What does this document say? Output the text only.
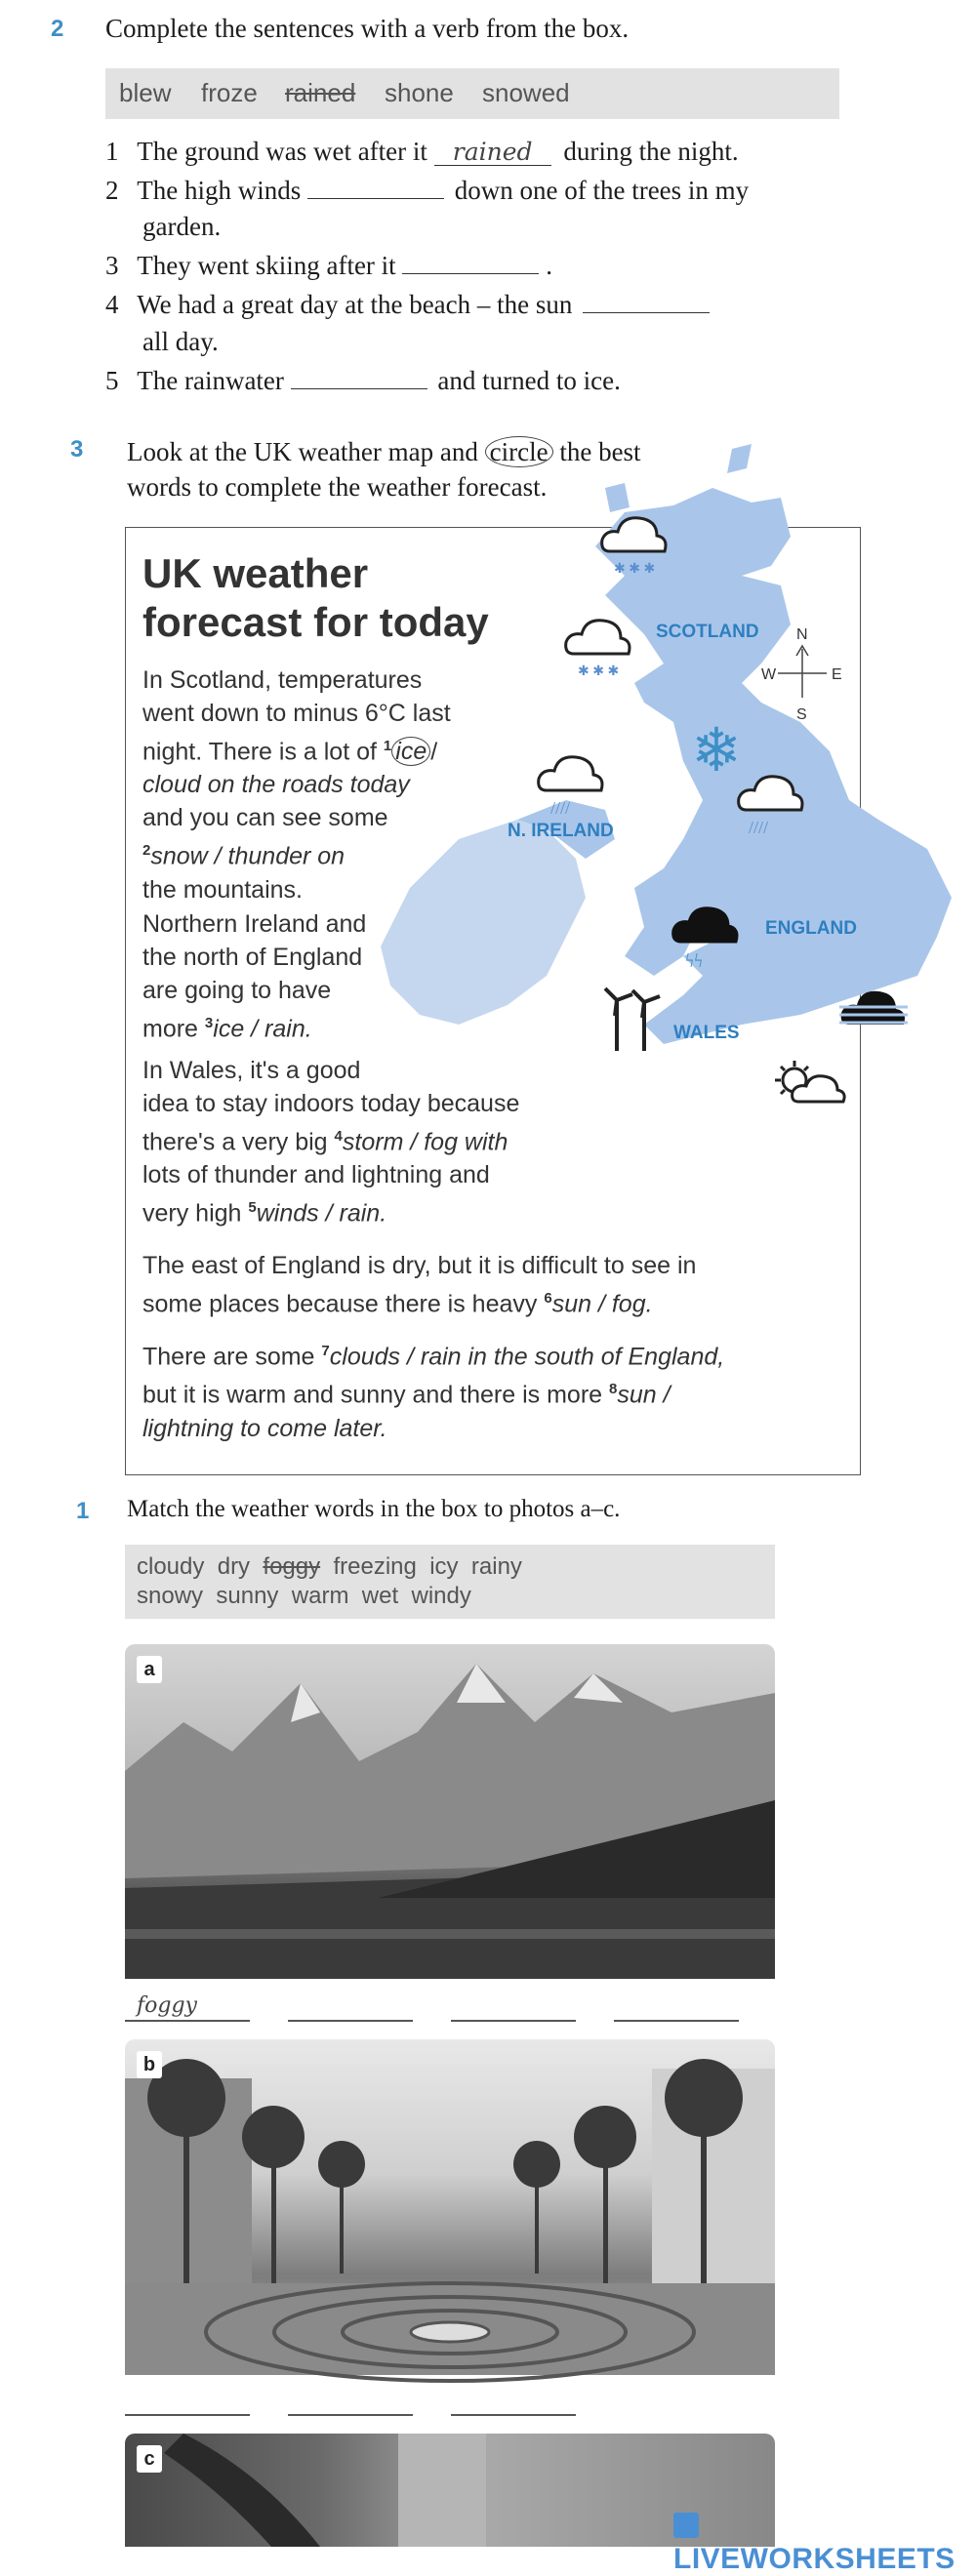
2 Complete the sentences with a verb from the box.
blew froze rained shone snowed
1 The ground was wet after it rained during the night.
2 The high winds	down one of the trees in my
garden.
3 They went skiing after it	.
4 We had a great day at the beach – the sun
all day.
5 The rainwater	and turned to ice.
3 Look at the UK weather map and circle the best
words to complete the weather forecast.
SCOTLAND
N. IRELAND
ENGLAND
WALES
N
S
E
W
✱ ✱ ✱
✱ ✱ ✱
❄
////
////
ϟϟ
UK weather
forecast for today
In Scotland, temperatures
went down to minus 6°C last
night. There is a lot of $^1$ ice /
cloud on the roads today
and you can see some
$^2$snow / thunder on
the mountains.
Northern Ireland and
the north of England
are going to have
more $^3$ice / rain.
In Wales, it's a good
idea to stay indoors today because
there's a very big $^4$storm / fog with
lots of thunder and lightning and
very high $^5$winds / rain.
The east of England is dry, but it is difficult to see in
some places because there is heavy $^6$sun / fog.
There are some $^7$clouds / rain in the south of England,
but it is warm and sunny and there is more $^8$sun /
lightning to come later.
1 Match the weather words in the box to photos a–c.
cloudy dry foggy freezing icy rainy
snowy sunny warm wet windy
a
foggy
b
c
LIVEWORKSHEETS
